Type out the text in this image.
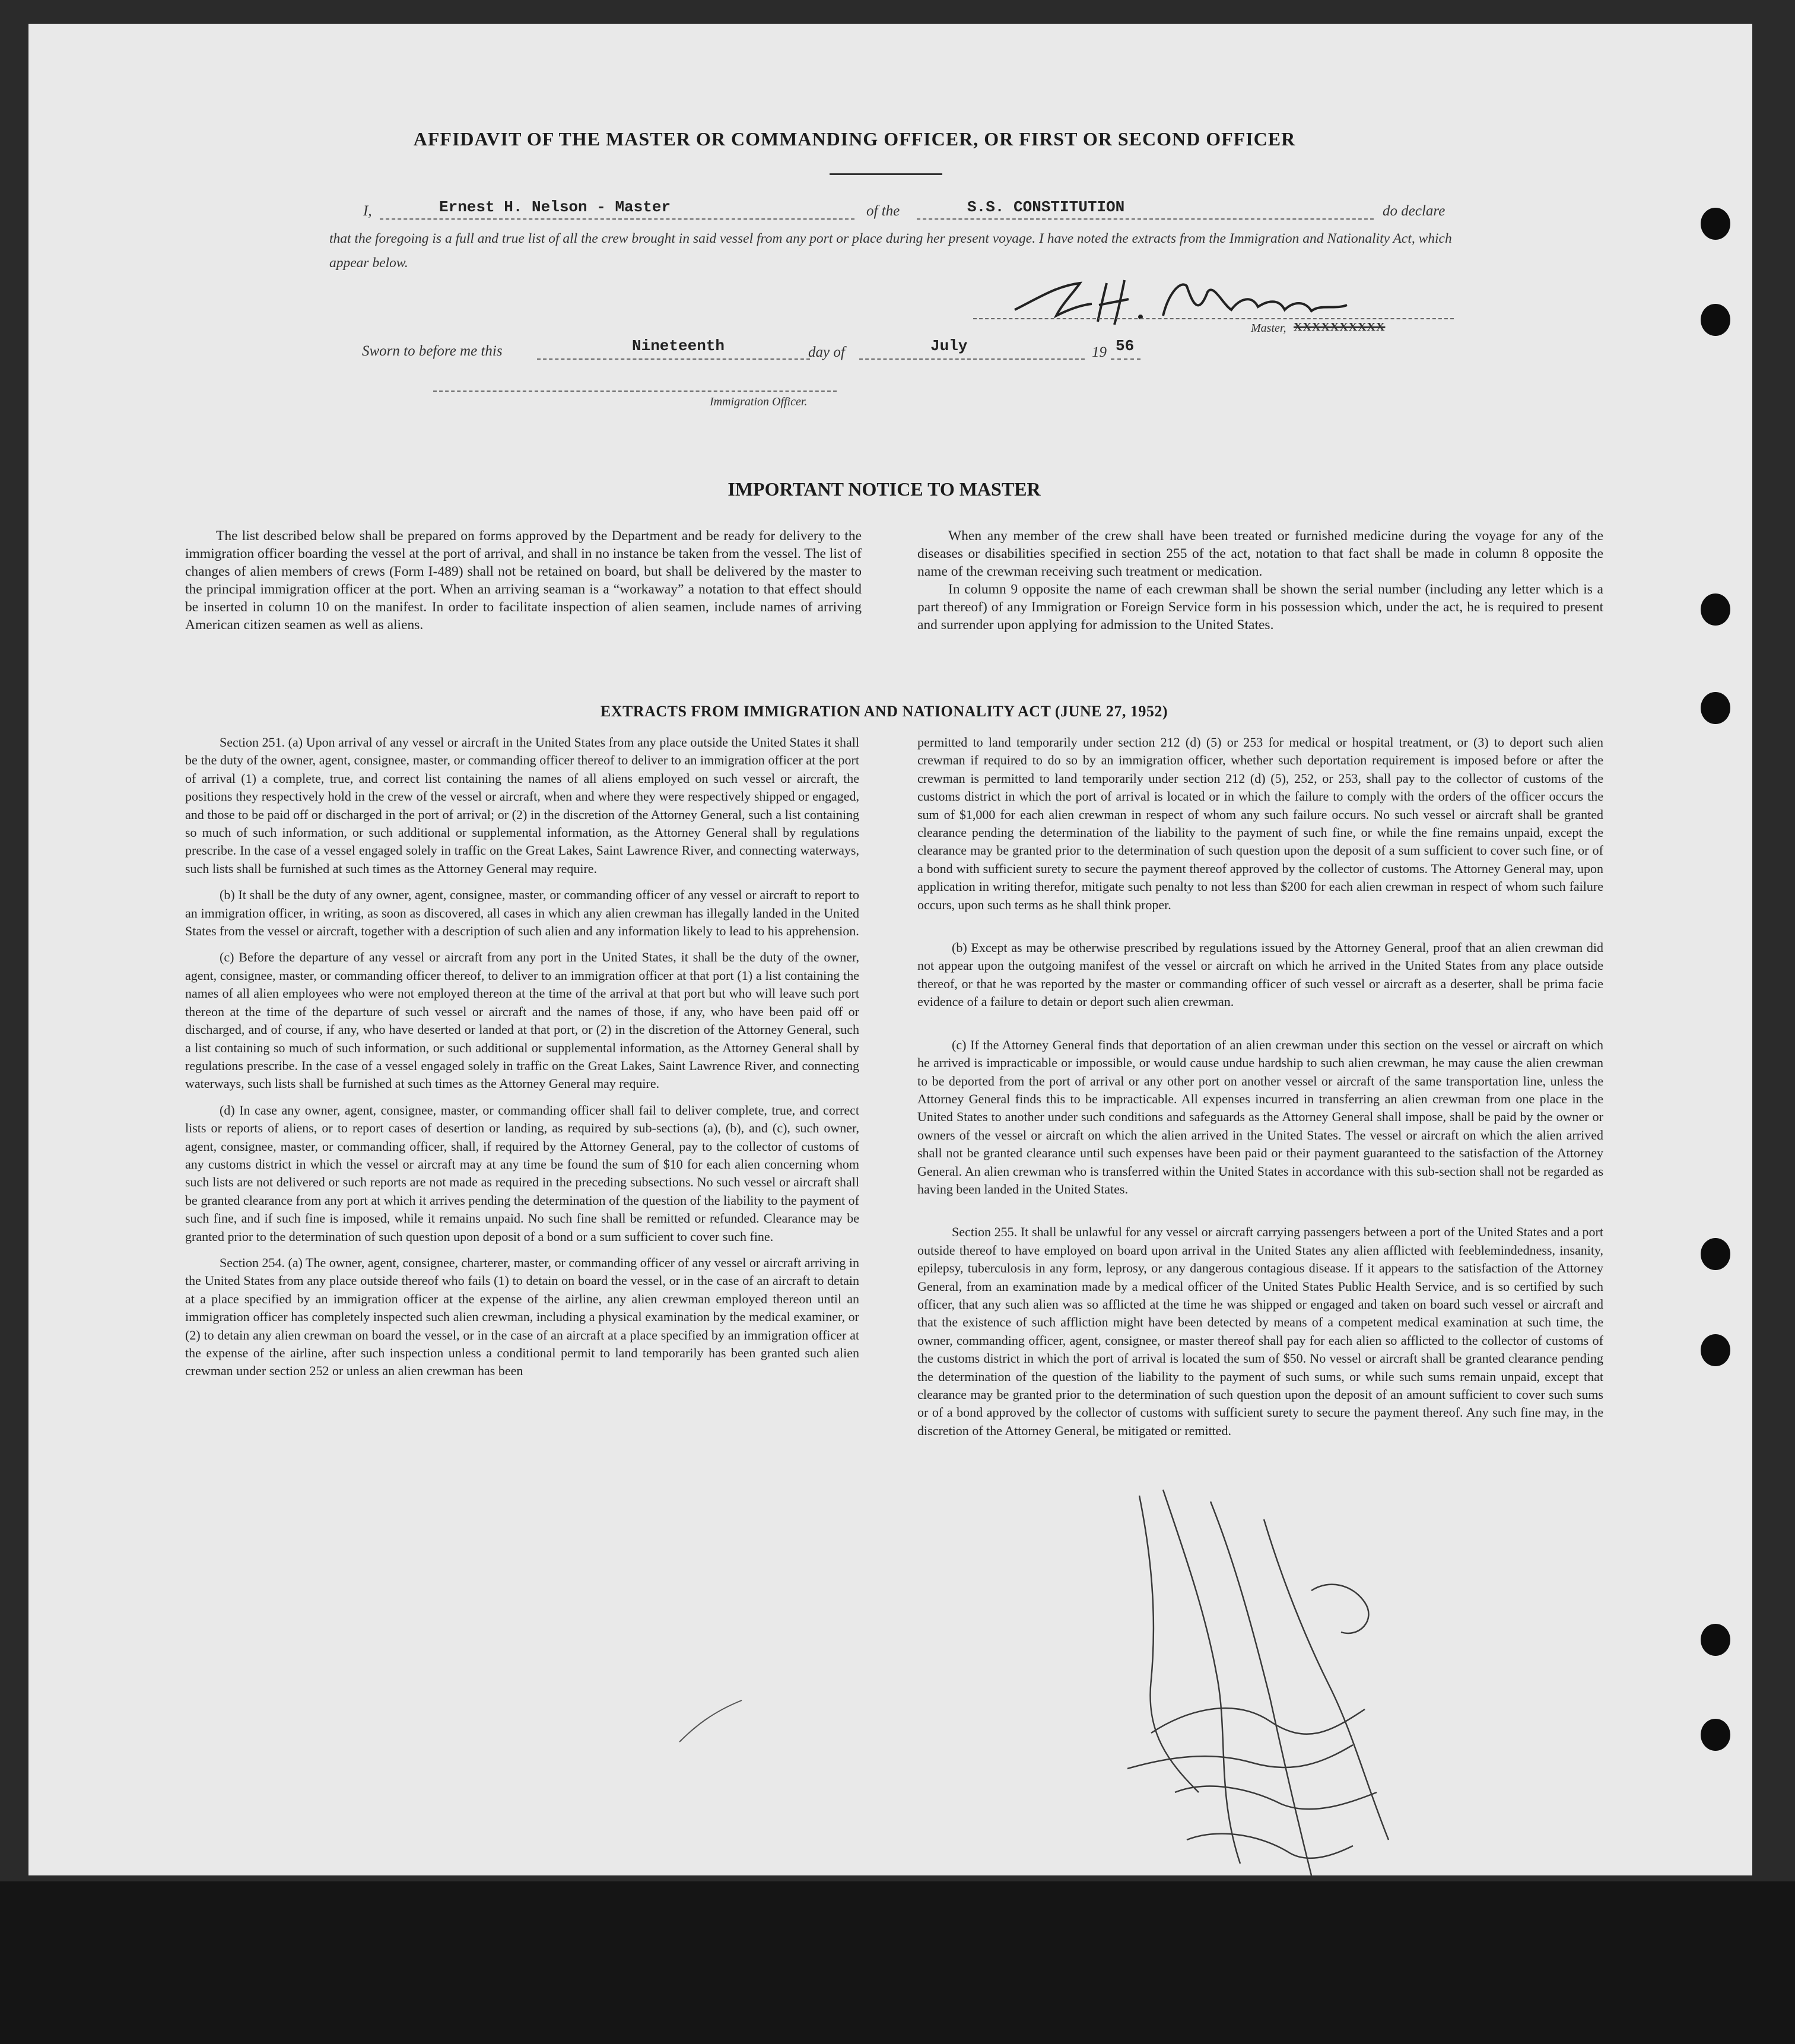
AFFIDAVIT OF THE MASTER OR COMMANDING OFFICER, OR FIRST OR SECOND OFFICER
I,	Ernest H. Nelson - Master	of the	S.S. CONSTITUTION	do declare
that the foregoing is a full and true list of all the crew brought in said vessel from any port or place during her present voyage. I have noted the extracts from the Immigration and Nationality Act, which appear below.
E. H. Nelson
Master, XXXXXXXXXX
Sworn to before me this	Nineteenth	day of	July	19 56
Immigration Officer.
IMPORTANT NOTICE TO MASTER

The list described below shall be prepared on forms approved by the Department and be ready for delivery to the immigration officer boarding the vessel at the port of arrival, and shall in no instance be taken from the vessel. The list of changes of alien members of crews (Form I-489) shall not be retained on board, but shall be delivered by the master to the principal immigration officer at the port. When an arriving seaman is a “workaway” a notation to that effect should be inserted in column 10 on the manifest. In order to facilitate inspection of alien seamen, include names of arriving American citizen seamen as well as aliens.

When any member of the crew shall have been treated or furnished medicine during the voyage for any of the diseases or disabilities specified in section 255 of the act, notation to that fact shall be made in column 8 opposite the name of the crewman receiving such treatment or medication.

In column 9 opposite the name of each crewman shall be shown the serial number (including any letter which is a part thereof) of any Immigration or Foreign Service form in his possession which, under the act, he is required to present and surrender upon applying for admission to the United States.

EXTRACTS FROM IMMIGRATION AND NATIONALITY ACT (JUNE 27, 1952)

Section 251. (a) Upon arrival of any vessel or aircraft in the United States from any place outside the United States it shall be the duty of the owner, agent, consignee, master, or commanding officer thereof to deliver to an immigration officer at the port of arrival (1) a complete, true, and correct list containing the names of all aliens employed on such vessel or aircraft, the positions they respectively hold in the crew of the vessel or aircraft, when and where they were respectively shipped or engaged, and those to be paid off or discharged in the port of arrival; or (2) in the discretion of the Attorney General, such a list containing so much of such information, or such additional or supplemental information, as the Attorney General shall by regulations prescribe. In the case of a vessel engaged solely in traffic on the Great Lakes, Saint Lawrence River, and connecting waterways, such lists shall be furnished at such times as the Attorney General may require.

(b) It shall be the duty of any owner, agent, consignee, master, or commanding officer of any vessel or aircraft to report to an immigration officer, in writing, as soon as discovered, all cases in which any alien crewman has illegally landed in the United States from the vessel or aircraft, together with a description of such alien and any information likely to lead to his apprehension.

(c) Before the departure of any vessel or aircraft from any port in the United States, it shall be the duty of the owner, agent, consignee, master, or commanding officer thereof, to deliver to an immigration officer at that port (1) a list containing the names of all alien employees who were not employed thereon at the time of the arrival at that port but who will leave such port thereon at the time of the departure of such vessel or aircraft and the names of those, if any, who have been paid off or discharged, and of course, if any, who have deserted or landed at that port, or (2) in the discretion of the Attorney General, such a list containing so much of such information, or such additional or supplemental information, as the Attorney General shall by regulations prescribe. In the case of a vessel engaged solely in traffic on the Great Lakes, Saint Lawrence River, and connecting waterways, such lists shall be furnished at such times as the Attorney General may require.

(d) In case any owner, agent, consignee, master, or commanding officer shall fail to deliver complete, true, and correct lists or reports of aliens, or to report cases of desertion or landing, as required by sub-sections (a), (b), and (c), such owner, agent, consignee, master, or commanding officer, shall, if required by the Attorney General, pay to the collector of customs of any customs district in which the vessel or aircraft may at any time be found the sum of $10 for each alien concerning whom such lists are not delivered or such reports are not made as required in the preceding subsections. No such vessel or aircraft shall be granted clearance from any port at which it arrives pending the determination of the question of the liability to the payment of such fine, and if such fine is imposed, while it remains unpaid. No such fine shall be remitted or refunded. Clearance may be granted prior to the determination of such question upon deposit of a bond or a sum sufficient to cover such fine.

Section 254. (a) The owner, agent, consignee, charterer, master, or commanding officer of any vessel or aircraft arriving in the United States from any place outside thereof who fails (1) to detain on board the vessel, or in the case of an aircraft to detain at a place specified by an immigration officer at the expense of the airline, any alien crewman employed thereon until an immigration officer has completely inspected such alien crewman, including a physical examination by the medical examiner, or (2) to detain any alien crewman on board the vessel, or in the case of an aircraft at a place specified by an immigration officer at the expense of the airline, after such inspection unless a conditional permit to land temporarily has been granted such alien crewman under section 252 or unless an alien crewman has been

permitted to land temporarily under section 212 (d) (5) or 253 for medical or hospital treatment, or (3) to deport such alien crewman if required to do so by an immigration officer, whether such deportation requirement is imposed before or after the crewman is permitted to land temporarily under section 212 (d) (5), 252, or 253, shall pay to the collector of customs of the customs district in which the port of arrival is located or in which the failure to comply with the orders of the officer occurs the sum of $1,000 for each alien crewman in respect of whom any such failure occurs. No such vessel or aircraft shall be granted clearance pending the determination of the liability to the payment of such fine, or while the fine remains unpaid, except the clearance may be granted prior to the determination of such question upon the deposit of a sum sufficient to cover such fine, or of a bond with sufficient surety to secure the payment thereof approved by the collector of customs. The Attorney General may, upon application in writing therefor, mitigate such penalty to not less than $200 for each alien crewman in respect of whom such failure occurs, upon such terms as he shall think proper.

(b) Except as may be otherwise prescribed by regulations issued by the Attorney General, proof that an alien crewman did not appear upon the outgoing manifest of the vessel or aircraft on which he arrived in the United States from any place outside thereof, or that he was reported by the master or commanding officer of such vessel or aircraft as a deserter, shall be prima facie evidence of a failure to detain or deport such alien crewman.

(c) If the Attorney General finds that deportation of an alien crewman under this section on the vessel or aircraft on which he arrived is impracticable or impossible, or would cause undue hardship to such alien crewman, he may cause the alien crewman to be deported from the port of arrival or any other port on another vessel or aircraft of the same transportation line, unless the Attorney General finds this to be impracticable. All expenses incurred in transferring an alien crewman from one place in the United States to another under such conditions and safeguards as the Attorney General shall impose, shall be paid by the owner or owners of the vessel or aircraft on which the alien arrived in the United States. The vessel or aircraft on which the alien arrived shall not be granted clearance until such expenses have been paid or their payment guaranteed to the satisfaction of the Attorney General. An alien crewman who is transferred within the United States in accordance with this sub-section shall not be regarded as having been landed in the United States.

Section 255. It shall be unlawful for any vessel or aircraft carrying passengers between a port of the United States and a port outside thereof to have employed on board upon arrival in the United States any alien afflicted with feeblemindedness, insanity, epilepsy, tuberculosis in any form, leprosy, or any dangerous contagious disease. If it appears to the satisfaction of the Attorney General, from an examination made by a medical officer of the United States Public Health Service, and is so certified by such officer, that any such alien was so afflicted at the time he was shipped or engaged and taken on board such vessel or aircraft and that the existence of such affliction might have been detected by means of a competent medical examination at such time, the owner, commanding officer, agent, consignee, or master thereof shall pay for each alien so afflicted to the collector of customs of the customs district in which the port of arrival is located the sum of $50. No vessel or aircraft shall be granted clearance pending the determination of the question of the liability to the payment of such sums, or while such sums remain unpaid, except that clearance may be granted prior to the determination of such question upon the deposit of an amount sufficient to cover such sums or of a bond approved by the collector of customs with sufficient surety to secure the payment thereof. Any such fine may, in the discretion of the Attorney General, be mitigated or remitted.
